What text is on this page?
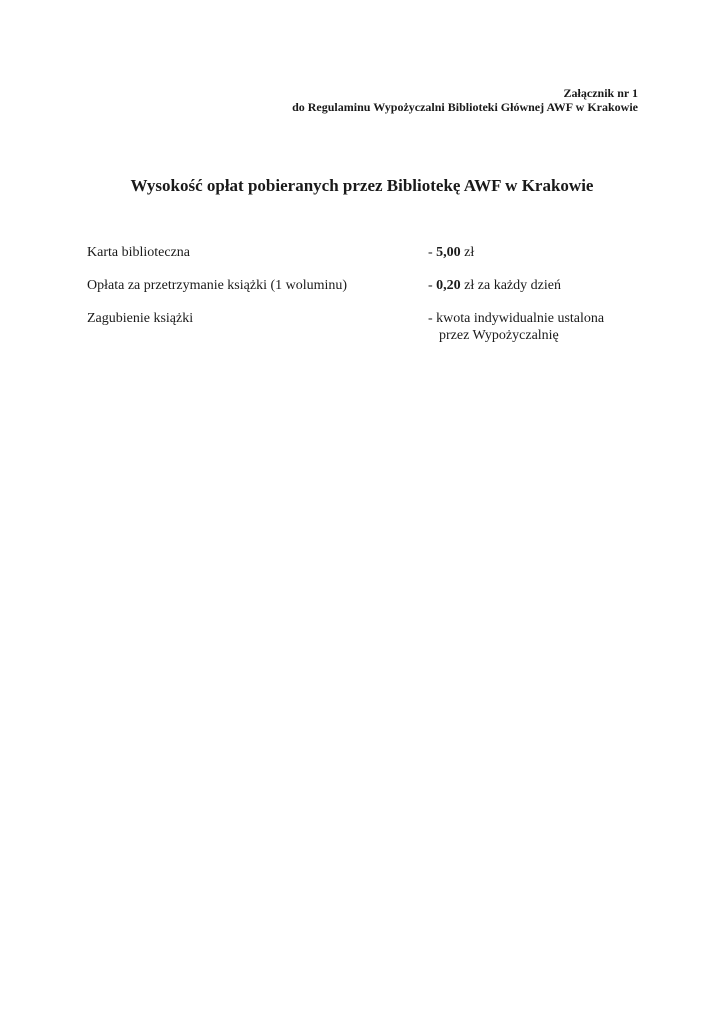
Załącznik nr 1
do Regulaminu Wypożyczalni Biblioteki Głównej AWF w Krakowie
Wysokość opłat pobieranych przez Bibliotekę AWF w Krakowie
Karta biblioteczna	- 5,00 zł
Opłata za przetrzymanie książki (1 woluminu)	- 0,20 zł za każdy dzień
Zagubienie książki	- kwota indywidualnie ustalona
przez Wypożyczalnię
